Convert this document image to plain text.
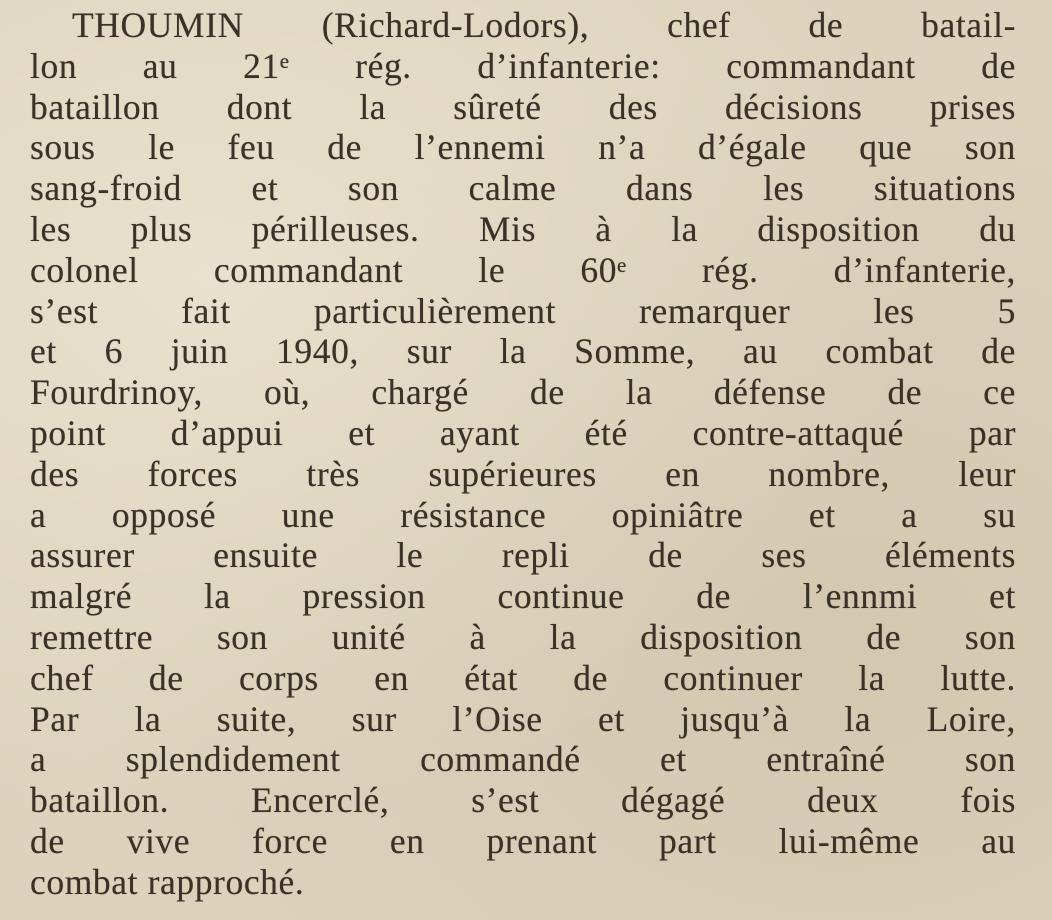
THOUMIN (Richard-Lodors), chef de batail-
lon au 21ᵉ rég. d’infanterie: commandant de
bataillon dont la sûreté des décisions prises
sous le feu de l’ennemi n’a d’égale que son
sang-froid et son calme dans les situations
les plus périlleuses. Mis à la disposition du
colonel commandant le 60ᵉ rég. d’infanterie,
s’est fait particulièrement remarquer les 5
et 6 juin 1940, sur la Somme, au combat de
Fourdrinoy, où, chargé de la défense de ce
point d’appui et ayant été contre-attaqué par
des forces très supérieures en nombre, leur
a opposé une résistance opiniâtre et a su
assurer ensuite le repli de ses éléments
malgré la pression continue de l’ennmi et
remettre son unité à la disposition de son
chef de corps en état de continuer la lutte.
Par la suite, sur l’Oise et jusqu’à la Loire,
a splendidement commandé et entraîné son
bataillon. Encerclé, s’est dégagé deux fois
de vive force en prenant part lui-même au
combat rapproché.
